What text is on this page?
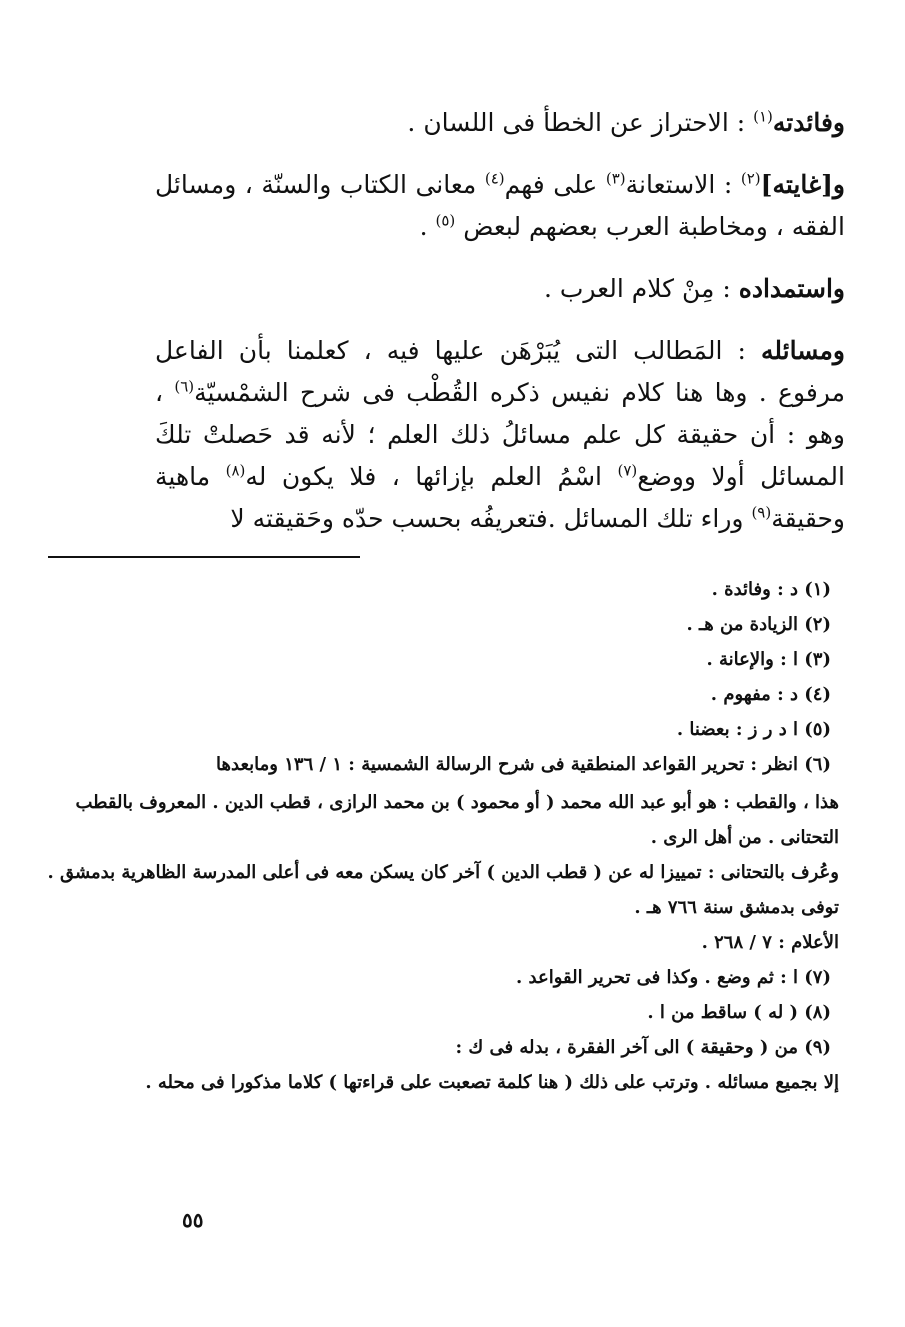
وفائدته$^{(١)}$ : الاحتراز عن الخطأ فى اللسان .

و[غايته]$^{(٢)}$ : الاستعانة$^{(٣)}$ على فهم$^{(٤)}$ معانى الكتاب والسنّة ، ومسائل الفقه ، ومخاطبة العرب بعضهم لبعض $^{(٥)}$ .

واستمداده : مِنْ كلام العرب .

ومسائله : المَطالب التى يُبَرْهَن عليها فيه ، كعلمنا بأن الفاعل مرفوع . وها هنا كلام نفيس ذكره القُطْب فى شرح الشمْسيّة$^{(٦)}$ ، وهو : أن حقيقة كل علم مسائلُ ذلك العلم ؛ لأنه قد حَصلتْ تلكَ المسائل أولا ووضع$^{(٧)}$ اسْمُ العلم بإزائها ، فلا يكون له$^{(٨)}$ ماهية وحقيقة$^{(٩)}$ وراء تلك المسائل .فتعريفُه بحسب حدّه وحَقيقته لا

(١) د : وفائدة .

(٢) الزيادة من هـ .

(٣) ا : والإعانة .

(٤) د : مفهوم .

(٥) ا د ر ز : بعضنا .

(٦) انظر : تحرير القواعد المنطقية فى شرح الرسالة الشمسية : ١ / ١٣٦ ومابعدها

هذا ، والقطب : هو أبو عبد الله محمد ( أو محمود ) بن محمد الرازى ، قطب الدين . المعروف بالقطب التحتانى . من أهل الرى .

وعُرف بالتحتانى : تمييزا له عن ( قطب الدين ) آخر كان يسكن معه فى أعلى المدرسة الظاهرية بدمشق . توفى بدمشق سنة ٧٦٦ هـ .

الأعلام : ٧ / ٢٦٨ .

(٧) ا : ثم وضع . وكذا فى تحرير القواعد .

(٨) ( له ) ساقط من ا .

(٩) من ( وحقيقة ) الى آخر الفقرة ، بدله فى ك :

إلا بجميع مسائله . وترتب على ذلك ( هنا كلمة تصعبت على قراءتها ) كلاما مذكورا فى محله .

٥٥
